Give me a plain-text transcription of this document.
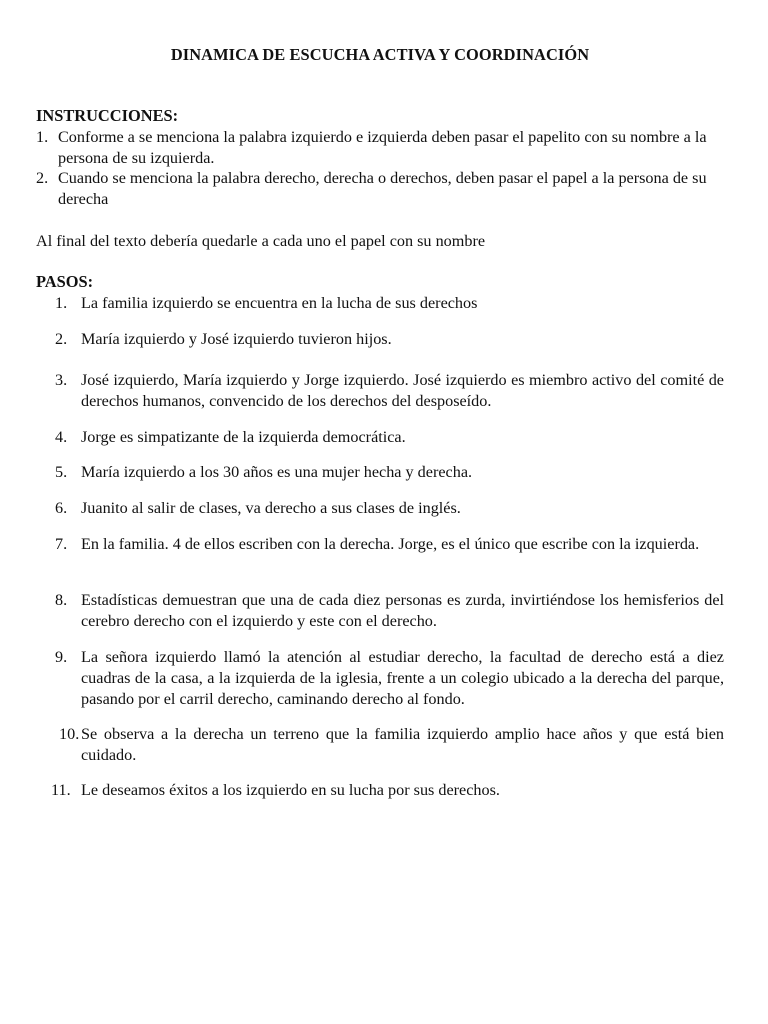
DINAMICA DE ESCUCHA ACTIVA Y COORDINACIÓN
INSTRUCCIONES:
1. Conforme a se menciona la palabra izquierdo e izquierda deben pasar el papelito con su nombre a la persona de su izquierda.
2. Cuando se menciona la palabra derecho, derecha o derechos, deben pasar el papel a la persona de su derecha
Al final del texto debería quedarle a cada uno el papel con su nombre
PASOS:
1. La familia izquierdo se encuentra en la lucha de sus derechos
2. María izquierdo y José izquierdo tuvieron hijos.
3. José izquierdo, María izquierdo y Jorge izquierdo. José izquierdo es miembro activo del comité de derechos humanos, convencido de los derechos del desposeído.
4. Jorge es simpatizante de la izquierda democrática.
5. María izquierdo a los 30 años es una mujer hecha y derecha.
6. Juanito al salir de clases, va derecho a sus clases de inglés.
7. En la familia. 4 de ellos escriben con la derecha. Jorge, es el único que escribe con la izquierda.
8. Estadísticas demuestran que una de cada diez personas es zurda, invirtiéndose los hemisferios del cerebro derecho con el izquierdo y este con el derecho.
9. La señora izquierdo llamó la atención al estudiar derecho, la facultad de derecho está a diez cuadras de la casa, a la izquierda de la iglesia, frente a un colegio ubicado a la derecha del parque, pasando por el carril derecho, caminando derecho al fondo.
10. Se observa a la derecha un terreno que la familia izquierdo amplio hace años y que está bien cuidado.
11. Le deseamos éxitos a los izquierdo en su lucha por sus derechos.
